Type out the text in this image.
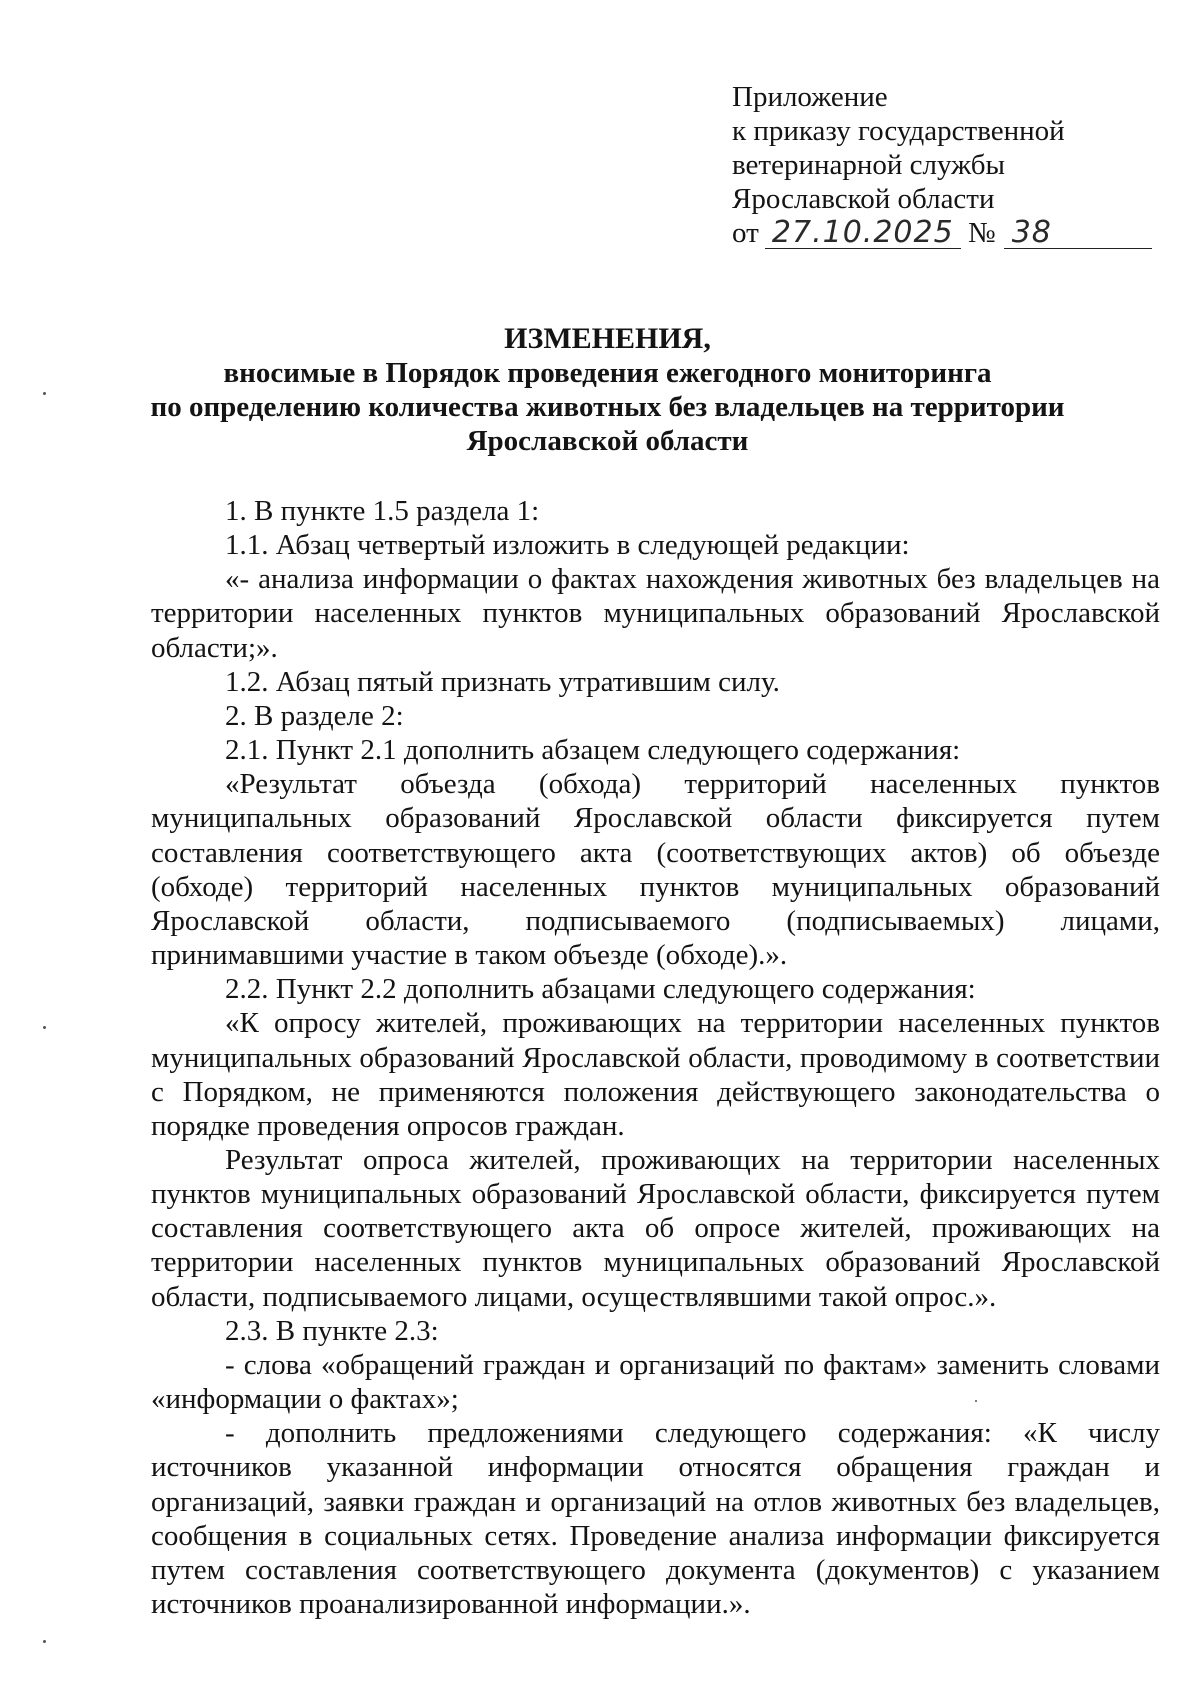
Приложение
к приказу государственной
ветеринарной службы
Ярославской области
от 27.10.2025 № 38
ИЗМЕНЕНИЯ,
вносимые в Порядок проведения ежегодного мониторинга
по определению количества животных без владельцев на территории
Ярославской области

1. В пункте 1.5 раздела 1:

1.1. Абзац четвертый изложить в следующей редакции:

«- анализа информации о фактах нахождения животных без владельцев на территории населенных пунктов муниципальных образований Ярославской области;».

1.2. Абзац пятый признать утратившим силу.

2. В разделе 2:

2.1. Пункт 2.1 дополнить абзацем следующего содержания:

«Результат объезда (обхода) территорий населенных пунктов муниципальных образований Ярославской области фиксируется путем составления соответствующего акта (соответствующих актов) об объезде (обходе) территорий населенных пунктов муниципальных образований Ярославской области, подписываемого (подписываемых) лицами, принимавшими участие в таком объезде (обходе).».

2.2. Пункт 2.2 дополнить абзацами следующего содержания:

«К опросу жителей, проживающих на территории населенных пунктов муниципальных образований Ярославской области, проводимому в соответствии с Порядком, не применяются положения действующего законодательства о порядке проведения опросов граждан.

Результат опроса жителей, проживающих на территории населенных пунктов муниципальных образований Ярославской области, фиксируется путем составления соответствующего акта об опросе жителей, проживающих на территории населенных пунктов муниципальных образований Ярославской области, подписываемого лицами, осуществлявшими такой опрос.».

2.3. В пункте 2.3:

- слова «обращений граждан и организаций по фактам» заменить словами «информации о фактах»;

- дополнить предложениями следующего содержания: «К числу источников указанной информации относятся обращения граждан и организаций, заявки граждан и организаций на отлов животных без владельцев, сообщения в социальных сетях. Проведение анализа информации фиксируется путем составления соответствующего документа (документов) с указанием источников проанализированной информации.».
